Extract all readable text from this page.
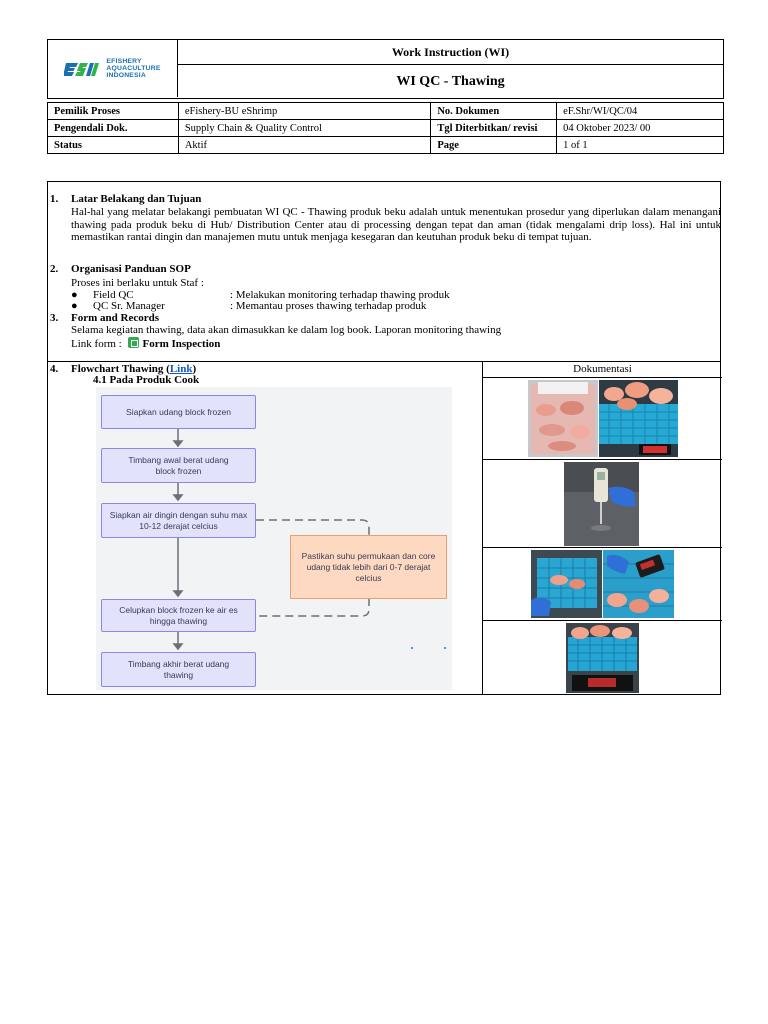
EFISHERY
AQUACULTURE
INDONESIA
Work Instruction (WI)
WI QC - Thawing
Pemilik Proses	eFishery-BU eShrimp	No. Dokumen	eF.Shr/WI/QC/04
Pengendali Dok.	Supply Chain & Quality Control	Tgl Diterbitkan/ revisi	04 Oktober 2023/ 00
Status	Aktif	Page	1 of 1
1. Latar Belakang dan Tujuan
Hal-hal yang melatar belakangi pembuatan WI QC - Thawing produk beku adalah untuk menentukan prosedur yang diperlukan dalam menangani thawing pada produk beku di Hub/ Distribution Center atau di processing dengan tepat dan aman (tidak mengalami drip loss). Hal ini untuk memastikan rantai dingin dan manajemen mutu untuk menjaga kesegaran dan keutuhan produk beku di tempat tujuan.
2. Organisasi Panduan SOP
Proses ini berlaku untuk Staf :
● Field QC	: Melakukan monitoring terhadap thawing produk
● QC Sr. Manager	: Memantau proses thawing terhadap produk
3. Form and Records
Selama kegiatan thawing, data akan dimasukkan ke dalam log book. Laporan monitoring thawing
Link form : Form Inspection
4. Flowchart Thawing (Link)
4.1 Pada Produk Cook
Siapkan udang block frozen
Timbang awal berat udang block frozen
Siapkan air dingin dengan suhu max 10-12 derajat celcius
Celupkan block frozen ke air es hingga thawing
Timbang akhir berat udang thawing
Pastikan suhu permukaan dan core udang tidak lebih dari 0-7 derajat celcius
Dokumentasi
